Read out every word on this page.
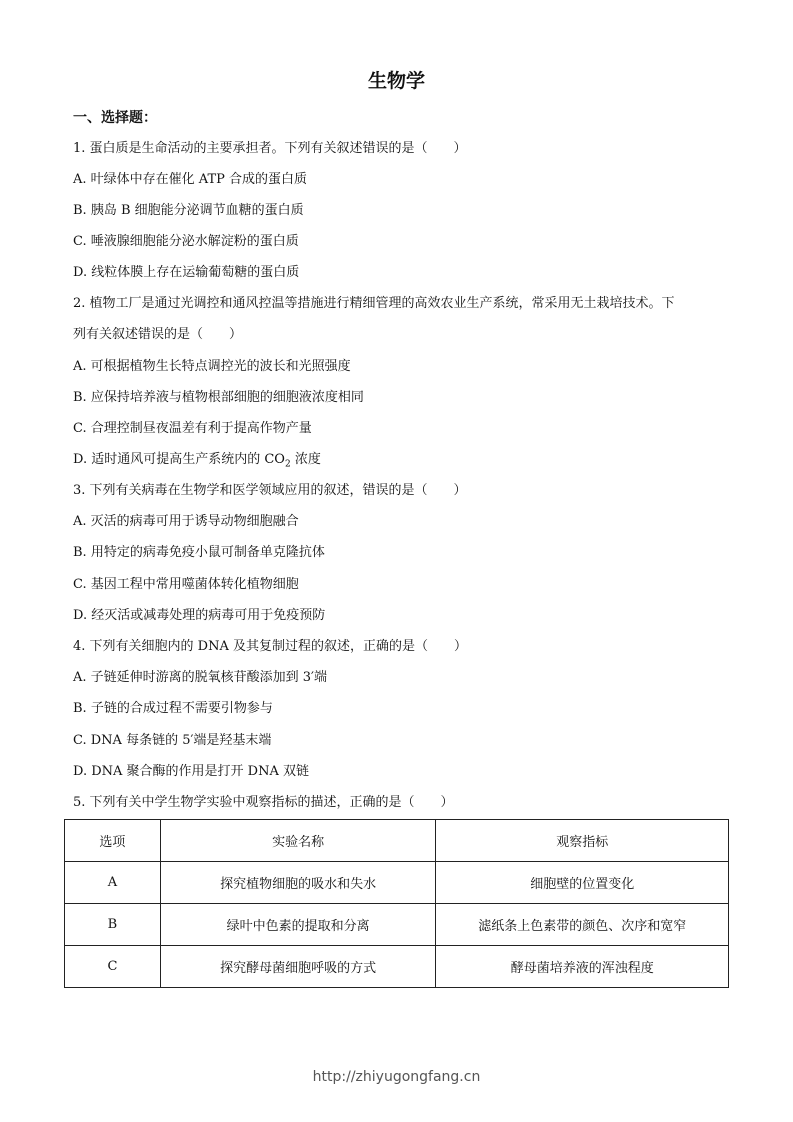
生物学
一、选择题：
1. 蛋白质是生命活动的主要承担者。下列有关叙述错误的是（　　）
A. 叶绿体中存在催化 ATP 合成的蛋白质
B. 胰岛 B 细胞能分泌调节血糖的蛋白质
C. 唾液腺细胞能分泌水解淀粉的蛋白质
D. 线粒体膜上存在运输葡萄糖的蛋白质
2. 植物工厂是通过光调控和通风控温等措施进行精细管理的高效农业生产系统，常采用无土栽培技术。下
列有关叙述错误的是（　　）
A. 可根据植物生长特点调控光的波长和光照强度
B. 应保持培养液与植物根部细胞的细胞液浓度相同
C. 合理控制昼夜温差有利于提高作物产量
D. 适时通风可提高生产系统内的 $CO_2$ 浓度
3. 下列有关病毒在生物学和医学领域应用的叙述，错误的是（　　）
A. 灭活的病毒可用于诱导动物细胞融合
B. 用特定的病毒免疫小鼠可制备单克隆抗体
C. 基因工程中常用噬菌体转化植物细胞
D. 经灭活或减毒处理的病毒可用于免疫预防
4. 下列有关细胞内的 DNA 及其复制过程的叙述，正确的是（　　）
A. 子链延伸时游离的脱氧核苷酸添加到 3′端
B. 子链的合成过程不需要引物参与
C. DNA 每条链的 5′端是羟基末端
D. DNA 聚合酶的作用是打开 DNA 双链
5. 下列有关中学生物学实验中观察指标的描述，正确的是（　　）
选项	实验名称	观察指标
A	探究植物细胞的吸水和失水	细胞壁的位置变化
B	绿叶中色素的提取和分离	滤纸条上色素带的颜色、次序和宽窄
C	探究酵母菌细胞呼吸的方式	酵母菌培养液的浑浊程度
http://zhiyugongfang.cn
